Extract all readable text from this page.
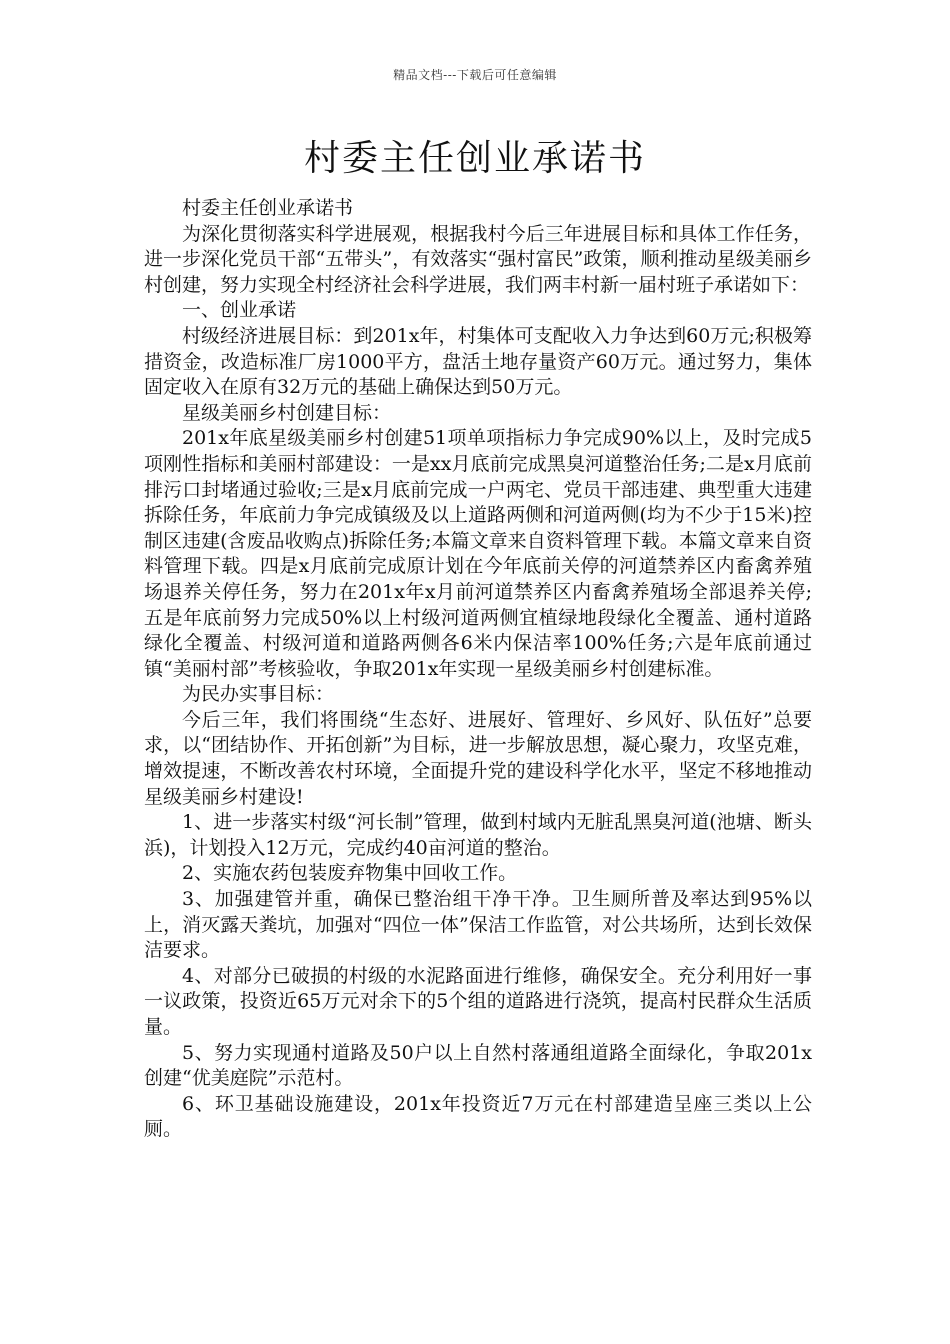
精品文档---下载后可任意编辑
村委主任创业承诺书

村委主任创业承诺书

为深化贯彻落实科学进展观，根据我村今后三年进展目标和具体工作任务，进一步深化党员干部“五带头”，有效落实“强村富民”政策，顺利推动星级美丽乡村创建，努力实现全村经济社会科学进展，我们两丰村新一届村班子承诺如下：

一、创业承诺

村级经济进展目标：到201x年，村集体可支配收入力争达到60万元;积极筹措资金，改造标准厂房1000平方，盘活土地存量资产60万元。通过努力，集体固定收入在原有32万元的基础上确保达到50万元。

星级美丽乡村创建目标：

201x年底星级美丽乡村创建51项单项指标力争完成90%以上，及时完成5项刚性指标和美丽村部建设：一是xx月底前完成黑臭河道整治任务;二是x月底前排污口封堵通过验收;三是x月底前完成一户两宅、党员干部违建、典型重大违建拆除任务，年底前力争完成镇级及以上道路两侧和河道两侧(均为不少于15米)控制区违建(含废品收购点)拆除任务;本篇文章来自资料管理下载。本篇文章来自资料管理下载。四是x月底前完成原计划在今年底前关停的河道禁养区内畜禽养殖场退养关停任务，努力在201x年x月前河道禁养区内畜禽养殖场全部退养关停;五是年底前努力完成50%以上村级河道两侧宜植绿地段绿化全覆盖、通村道路绿化全覆盖、村级河道和道路两侧各6米内保洁率100%任务;六是年底前通过镇“美丽村部”考核验收，争取201x年实现一星级美丽乡村创建标准。

为民办实事目标：

今后三年，我们将围绕“生态好、进展好、管理好、乡风好、队伍好”总要求，以“团结协作、开拓创新”为目标，进一步解放思想，凝心聚力，攻坚克难，增效提速，不断改善农村环境，全面提升党的建设科学化水平，坚定不移地推动星级美丽乡村建设!

1、进一步落实村级“河长制”管理，做到村域内无脏乱黑臭河道(池塘、断头浜)，计划投入12万元，完成约40亩河道的整治。

2、实施农药包装废弃物集中回收工作。

3、加强建管并重，确保已整治组干净干净。卫生厕所普及率达到95%以上，消灭露天粪坑，加强对“四位一体”保洁工作监管，对公共场所，达到长效保洁要求。

4、对部分已破损的村级的水泥路面进行维修，确保安全。充分利用好一事一议政策，投资近65万元对余下的5个组的道路进行浇筑，提高村民群众生活质量。

5、努力实现通村道路及50户以上自然村落通组道路全面绿化，争取201x创建“优美庭院”示范村。

6、环卫基础设施建设，201x年投资近7万元在村部建造呈座三类以上公厕。
